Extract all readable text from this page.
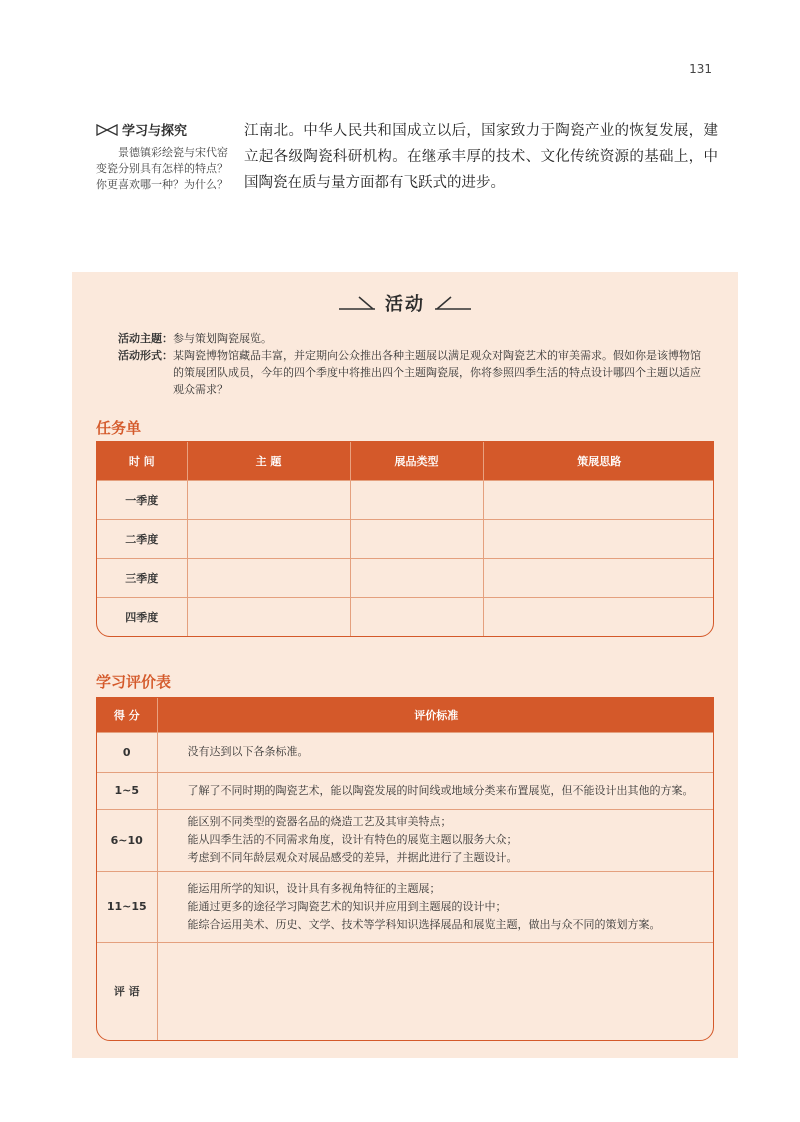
131
学习与探究

景德镇彩绘瓷与宋代窑变瓷分别具有怎样的特点？你更喜欢哪一种？为什么？

江南北。中华人民共和国成立以后，国家致力于陶瓷产业的恢复发展，建立起各级陶瓷科研机构。在继承丰厚的技术、文化传统资源的基础上，中国陶瓷在质与量方面都有飞跃式的进步。

活动
活动主题： 参与策划陶瓷展览。
活动形式： 某陶瓷博物馆藏品丰富，并定期向公众推出各种主题展以满足观众对陶瓷艺术的审美需求。假如你是该博物馆的策展团队成员，今年的四个季度中将推出四个主题陶瓷展，你将参照四季生活的特点设计哪四个主题以适应观众需求？
任务单
时 间	主 题	展品类型	策展思路
一季度			
二季度			
三季度			
四季度			
学习评价表
得 分	评价标准
0	没有达到以下各条标准。

1~5	了解了不同时期的陶瓷艺术，能以陶瓷发展的时间线或地域分类来布置展览，但不能设计出其他的方案。

6~10	能区别不同类型的瓷器名品的烧造工艺及其审美特点；
能从四季生活的不同需求角度，设计有特色的展览主题以服务大众；
考虑到不同年龄层观众对展品感受的差异，并据此进行了主题设计。

11~15	能运用所学的知识，设计具有多视角特征的主题展；
能通过更多的途径学习陶瓷艺术的知识并应用到主题展的设计中；
能综合运用美术、历史、文学、技术等学科知识选择展品和展览主题，做出与众不同的策划方案。

评 语	
